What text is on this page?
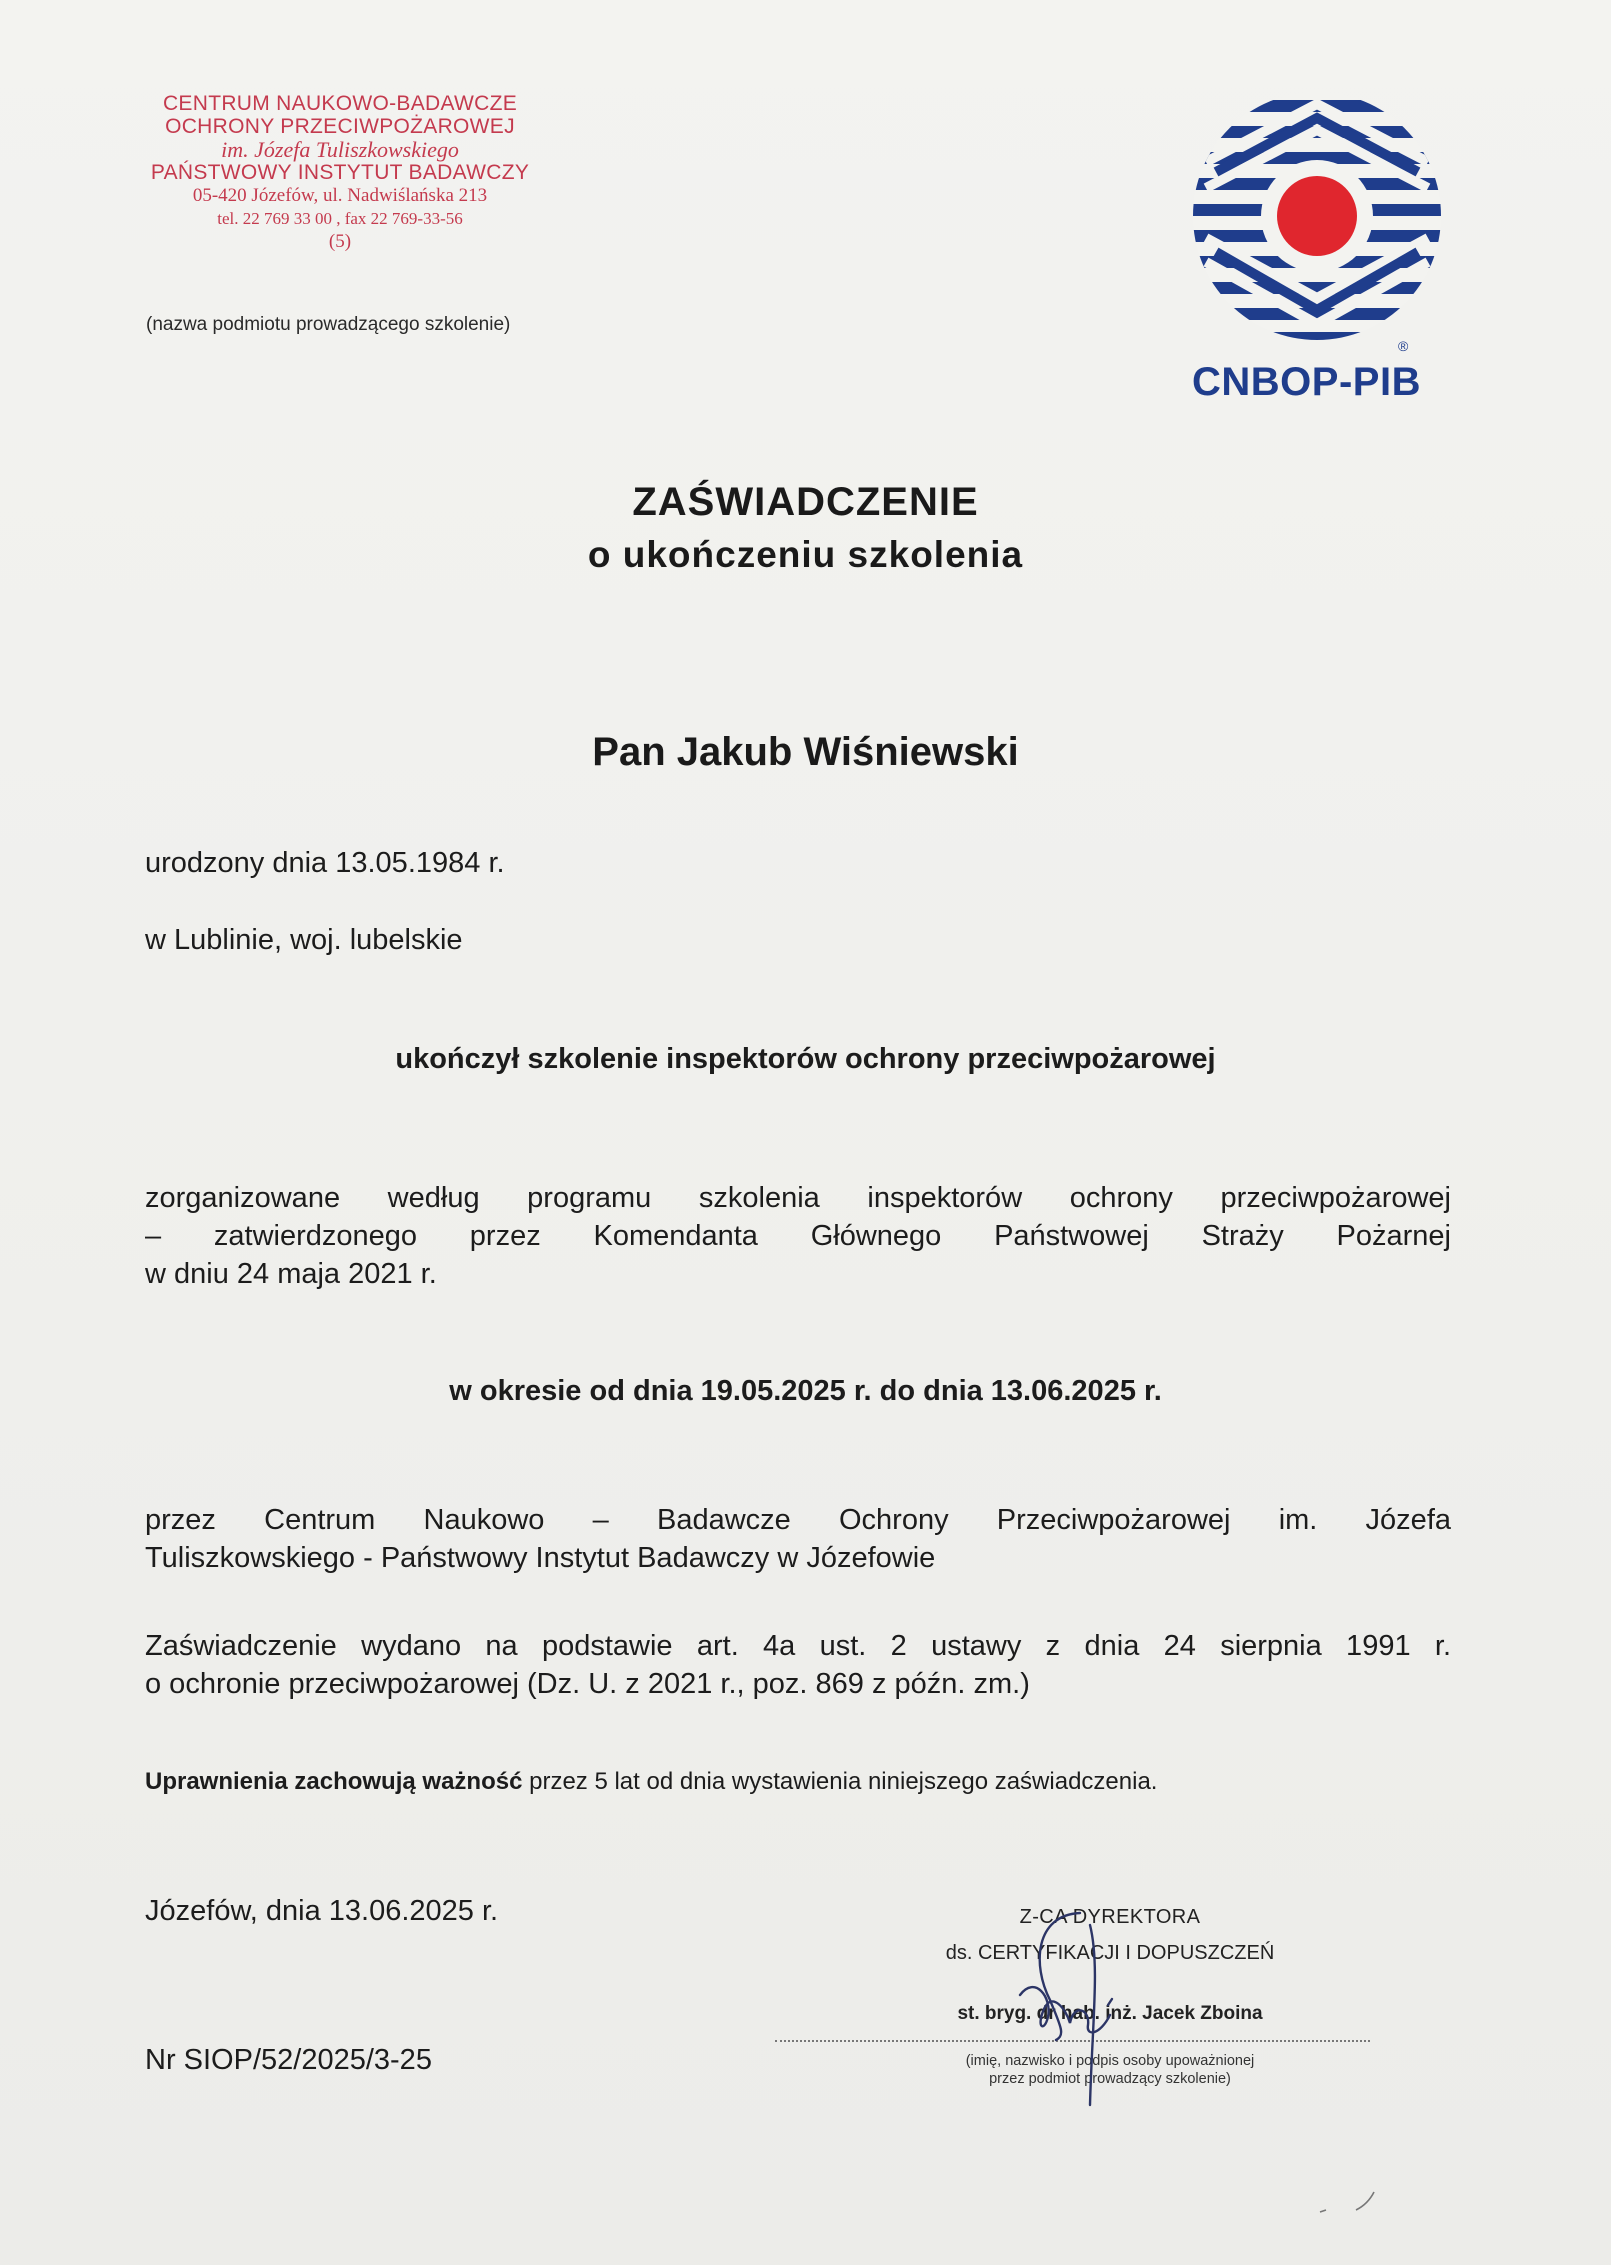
CENTRUM NAUKOWO-BADAWCZE
OCHRONY PRZECIWPOŻAROWEJ
im. Józefa Tuliszkowskiego
PAŃSTWOWY INSTYTUT BADAWCZY
05-420 Józefów, ul. Nadwiślańska 213
tel. 22 769 33 00 , fax 22 769-33-56
(5)
(nazwa podmiotu prowadzącego szkolenie)
®
CNBOP-PIB
ZAŚWIADCZENIE
o ukończeniu szkolenia
Pan Jakub Wiśniewski
urodzony dnia 13.05.1984 r.
w Lublinie, woj. lubelskie
ukończył szkolenie inspektorów ochrony przeciwpożarowej
zorganizowane według programu szkolenia inspektorów ochrony przeciwpożarowej
– zatwierdzonego przez Komendanta Głównego Państwowej Straży Pożarnej
w dniu 24 maja 2021 r.
w okresie od dnia 19.05.2025 r. do dnia 13.06.2025 r.
przez Centrum Naukowo – Badawcze Ochrony Przeciwpożarowej im. Józefa
Tuliszkowskiego - Państwowy Instytut Badawczy w Józefowie
Zaświadczenie wydano na podstawie art. 4a ust. 2 ustawy z dnia 24 sierpnia 1991 r.
o ochronie przeciwpożarowej (Dz. U. z 2021 r., poz. 869 z późn. zm.)
Uprawnienia zachowują ważność przez 5 lat od dnia wystawienia niniejszego zaświadczenia.
Józefów, dnia 13.06.2025 r.
Nr SIOP/52/2025/3-25
Z-CA DYREKTORA
ds. CERTYFIKACJI I DOPUSZCZEŃ
st. bryg. dr hab. inż. Jacek Zboina
(imię, nazwisko i podpis osoby upoważnionej
przez podmiot prowadzący szkolenie)
